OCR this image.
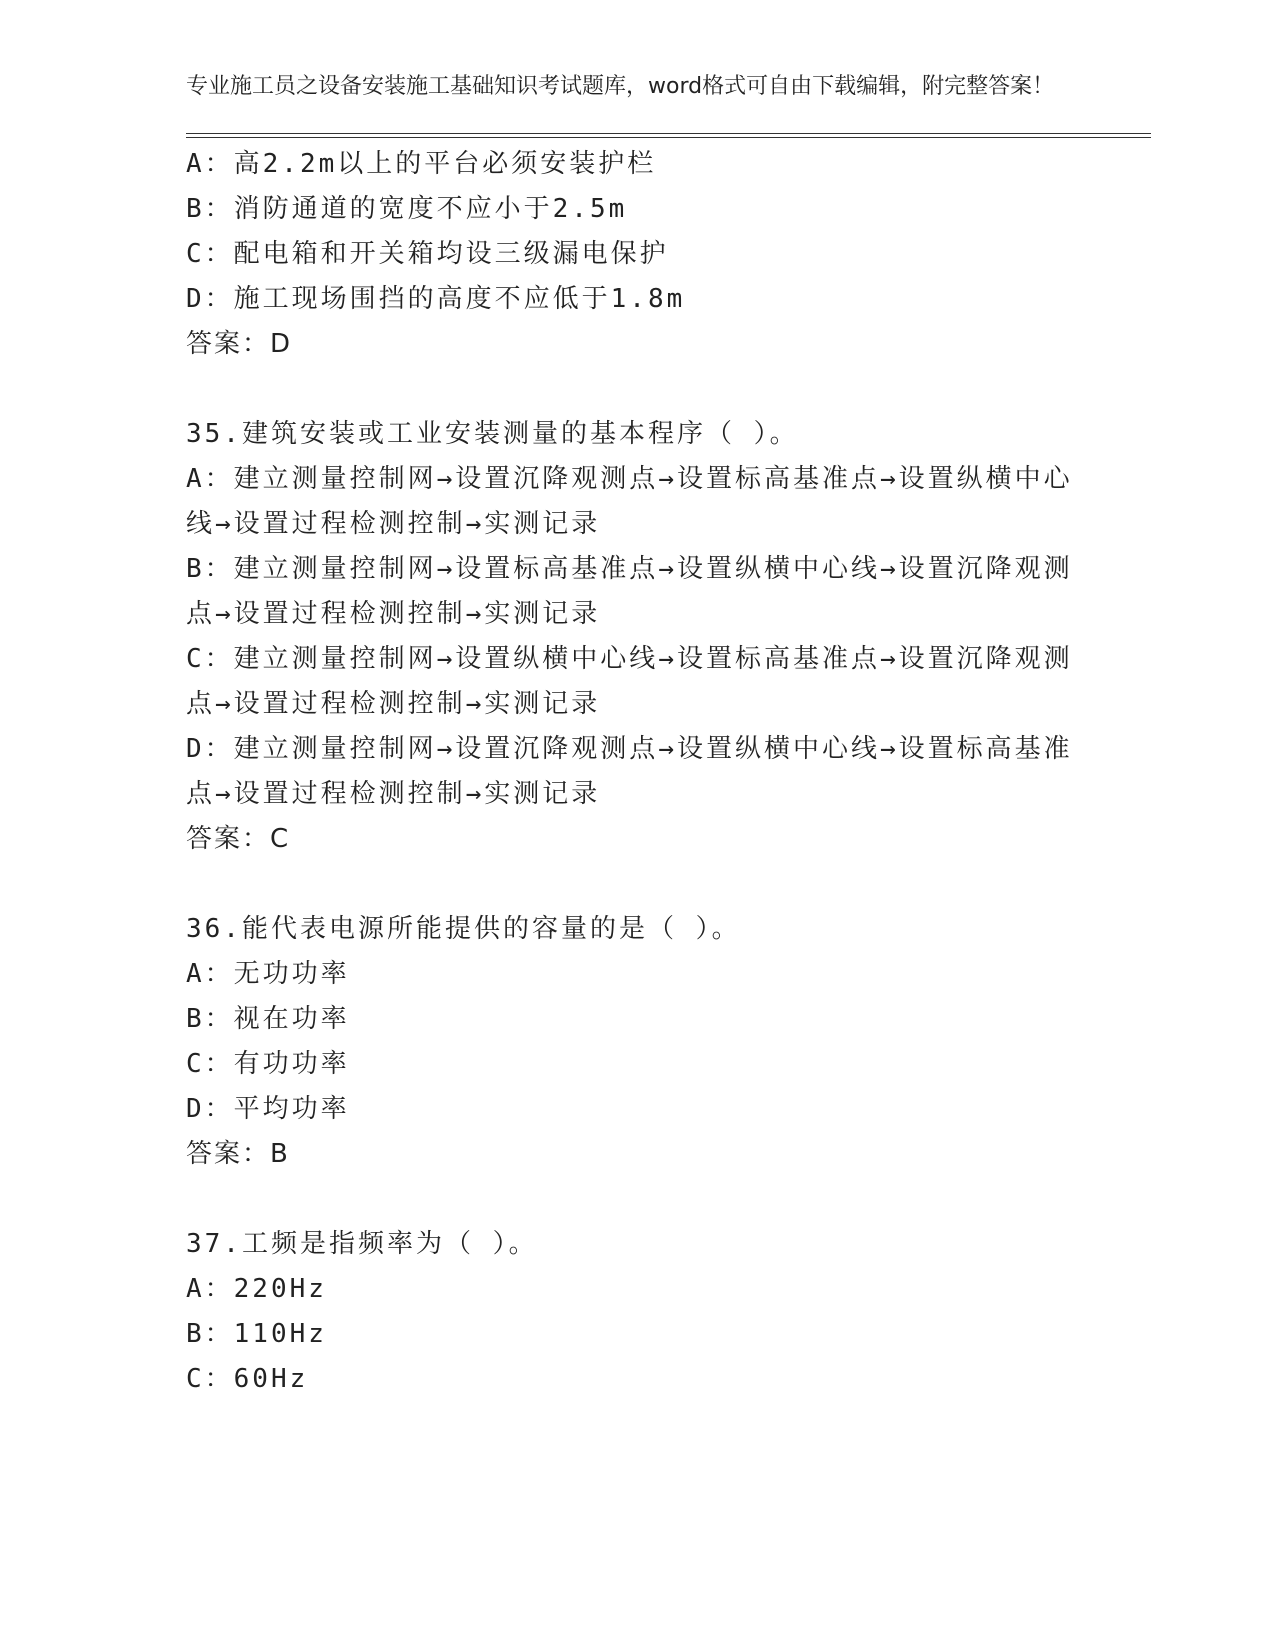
专业施工员之设备安装施工基础知识考试题库，word格式可自由下载编辑，附完整答案！

A：高2.2m以上的平台必须安装护栏
B：消防通道的宽度不应小于2.5m
C：配电箱和开关箱均设三级漏电保护
D：施工现场围挡的高度不应低于1.8m
答案：D
35.建筑安装或工业安装测量的基本程序（ ）。
A：建立测量控制网→设置沉降观测点→设置标高基准点→设置纵横中心线→设置过程检测控制→实测记录
B：建立测量控制网→设置标高基准点→设置纵横中心线→设置沉降观测点→设置过程检测控制→实测记录
C：建立测量控制网→设置纵横中心线→设置标高基准点→设置沉降观测点→设置过程检测控制→实测记录
D：建立测量控制网→设置沉降观测点→设置纵横中心线→设置标高基准点→设置过程检测控制→实测记录
答案：C
36.能代表电源所能提供的容量的是（ ）。
A：无功功率
B：视在功率
C：有功功率
D：平均功率
答案：B
37.工频是指频率为（ ）。
A：220Hz
B：110Hz
C：60Hz
